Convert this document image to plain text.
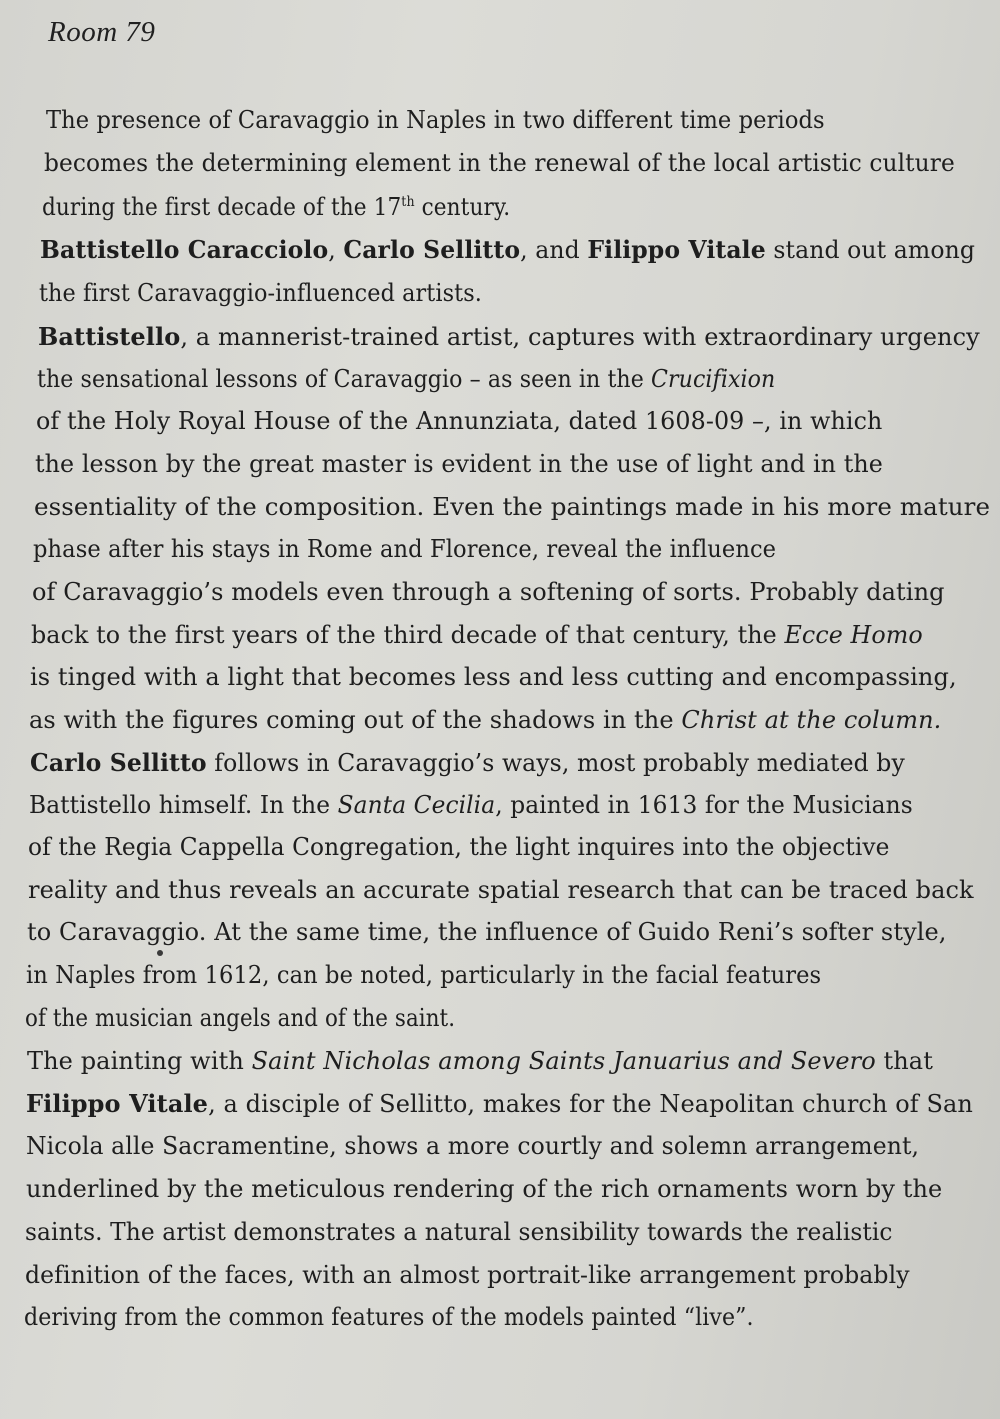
Room 79
The presence of Caravaggio in Naples in two different time periods
becomes the determining element in the renewal of the local artistic culture
during the first decade of the 17th century.
Battistello Caracciolo, Carlo Sellitto, and Filippo Vitale stand out among
the first Caravaggio-influenced artists.
Battistello, a mannerist-trained artist, captures with extraordinary urgency
the sensational lessons of Caravaggio – as seen in the Crucifixion
of the Holy Royal House of the Annunziata, dated 1608-09 –, in which
the lesson by the great master is evident in the use of light and in the
essentiality of the composition. Even the paintings made in his more mature
phase after his stays in Rome and Florence, reveal the influence
of Caravaggio’s models even through a softening of sorts. Probably dating
back to the first years of the third decade of that century, the Ecce Homo
is tinged with a light that becomes less and less cutting and encompassing,
as with the figures coming out of the shadows in the Christ at the column.
Carlo Sellitto follows in Caravaggio’s ways, most probably mediated by
Battistello himself. In the Santa Cecilia, painted in 1613 for the Musicians
of the Regia Cappella Congregation, the light inquires into the objective
reality and thus reveals an accurate spatial research that can be traced back
to Caravaggio. At the same time, the influence of Guido Reni’s softer style,
in Naples from 1612, can be noted, particularly in the facial features
of the musician angels and of the saint.
The painting with Saint Nicholas among Saints Januarius and Severo that
Filippo Vitale, a disciple of Sellitto, makes for the Neapolitan church of San
Nicola alle Sacramentine, shows a more courtly and solemn arrangement,
underlined by the meticulous rendering of the rich ornaments worn by the
saints. The artist demonstrates a natural sensibility towards the realistic
definition of the faces, with an almost portrait-like arrangement probably
deriving from the common features of the models painted “live”.
